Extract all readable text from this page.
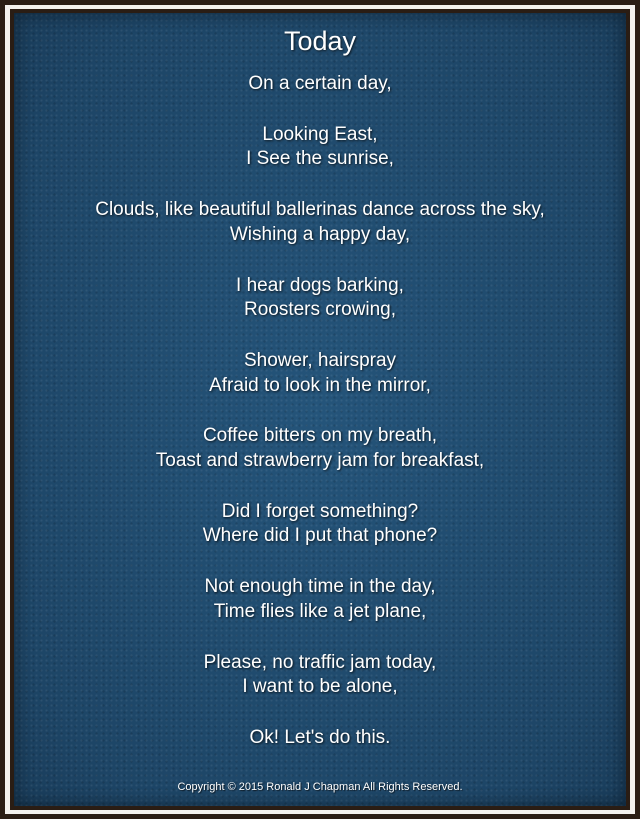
Today
On a certain day,
Looking East,
I See the sunrise,
Clouds, like beautiful ballerinas dance across the sky,
Wishing a happy day,
I hear dogs barking,
Roosters crowing,
Shower, hairspray
Afraid to look in the mirror,
Coffee bitters on my breath,
Toast and strawberry jam for breakfast,
Did I forget something?
Where did I put that phone?
Not enough time in the day,
Time flies like a jet plane,
Please, no traffic jam today,
I want to be alone,
Ok! Let's do this.
Copyright © 2015 Ronald J Chapman All Rights Reserved.
